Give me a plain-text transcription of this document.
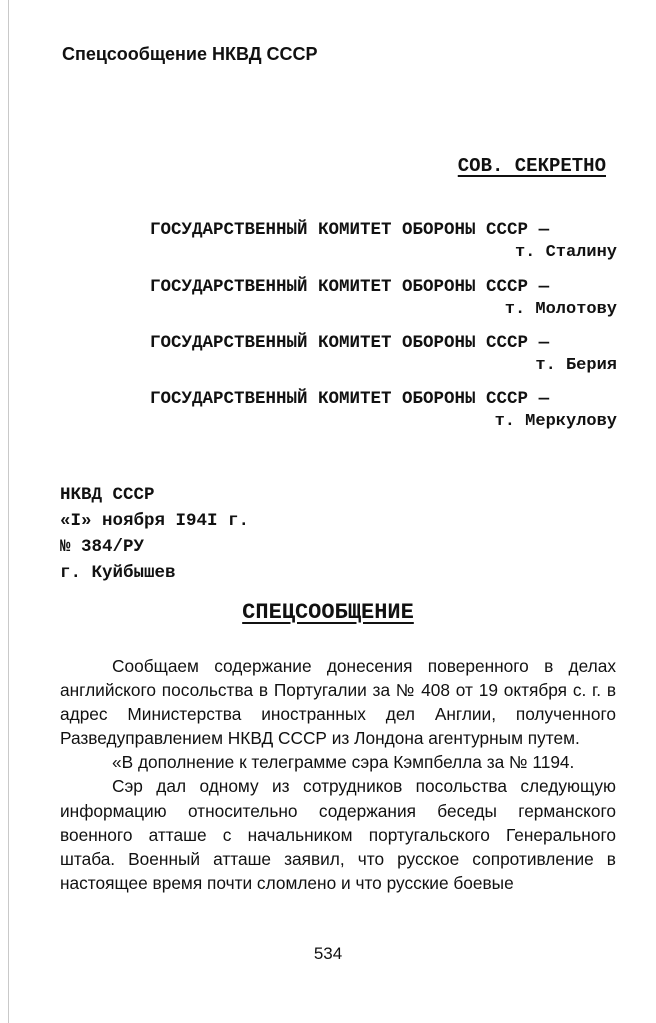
Спецсообщение НКВД СССР
СОВ. СЕКРЕТНО
ГОСУДАРСТВЕННЫЙ КОМИТЕТ ОБОРОНЫ СССР —
т. Сталину
ГОСУДАРСТВЕННЫЙ КОМИТЕТ ОБОРОНЫ СССР —
т. Молотову
ГОСУДАРСТВЕННЫЙ КОМИТЕТ ОБОРОНЫ СССР —
т. Берия
ГОСУДАРСТВЕННЫЙ КОМИТЕТ ОБОРОНЫ СССР —
т. Меркулову
НКВД СССР
«I» ноября I94I г.
№ 384/РУ
г. Куйбышев
СПЕЦСООБЩЕНИЕ

Сообщаем содержание донесения поверенного в делах английского посольства в Португалии за № 408 от 19 октября с. г. в адрес Министерства иностранных дел Англии, полученного Разведуправлением НКВД СССР из Лондона агентурным путем.

«В дополнение к телеграмме сэра Кэмпбелла за № 1194.

Сэр дал одному из сотрудников посольства следующую информацию относительно содержания беседы германского военного атташе с начальником португальского Генерального штаба. Военный атташе заявил, что русское сопротивление в настоящее время почти сломлено и что русские боевые

534
